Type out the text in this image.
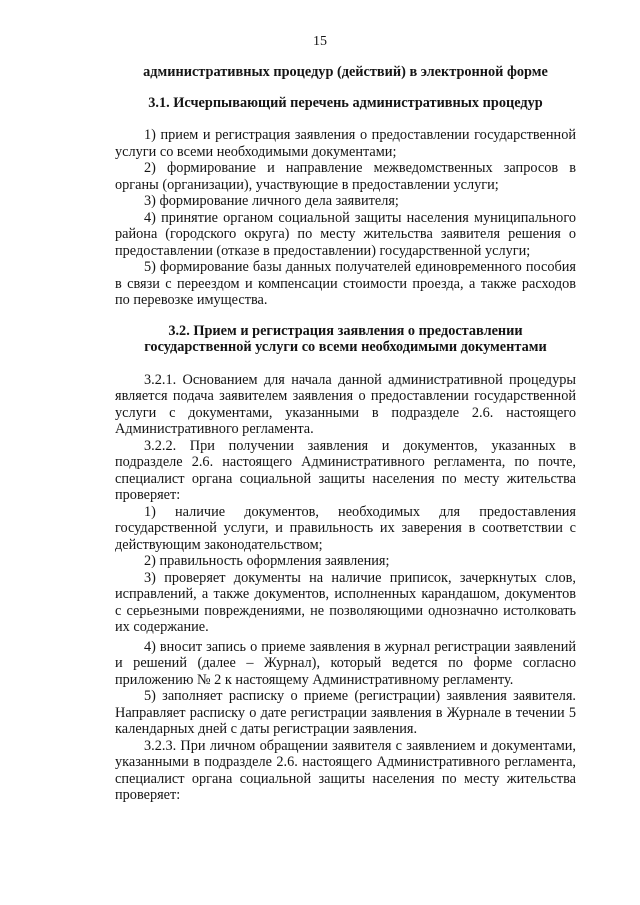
15

административных процедур (действий) в электронной форме

3.1. Исчерпывающий перечень административных процедур

1) прием и регистрация заявления о предоставлении государственной услуги со всеми необходимыми документами;

2) формирование и направление межведомственных запросов в органы (организации), участвующие в предоставлении услуги;

3) формирование личного дела заявителя;

4) принятие органом социальной защиты населения муниципального района (городского округа) по месту жительства заявителя решения о предоставлении (отказе в предоставлении) государственной услуги;

5) формирование базы данных получателей единовременного пособия в связи с переездом и компенсации стоимости проезда, а также расходов по перевозке имущества.

3.2. Прием и регистрация заявления о предоставлении государственной услуги со всеми необходимыми документами

3.2.1. Основанием для начала данной административной процедуры является подача заявителем заявления о предоставлении государственной услуги с документами, указанными в подразделе 2.6. настоящего Административного регламента.

3.2.2. При получении заявления и документов, указанных в подразделе 2.6. настоящего Административного регламента, по почте, специалист органа социальной защиты населения по месту жительства проверяет:

1) наличие документов, необходимых для предоставления государственной услуги, и правильность их заверения в соответствии с действующим законодательством;

2) правильность оформления заявления;

3) проверяет документы на наличие приписок, зачеркнутых слов, исправлений, а также документов, исполненных карандашом, документов с серьезными повреждениями, не позволяющими однозначно истолковать их содержание.

4) вносит запись о приеме заявления в журнал регистрации заявлений и решений (далее – Журнал), который ведется по форме согласно приложению № 2 к настоящему Административному регламенту.

5) заполняет расписку о приеме (регистрации) заявления заявителя. Направляет расписку о дате регистрации заявления в Журнале в течении 5 календарных дней с даты регистрации заявления.

3.2.3. При личном обращении заявителя с заявлением и документами, указанными в подразделе 2.6. настоящего Административного регламента, специалист органа социальной защиты населения по месту жительства проверяет:
